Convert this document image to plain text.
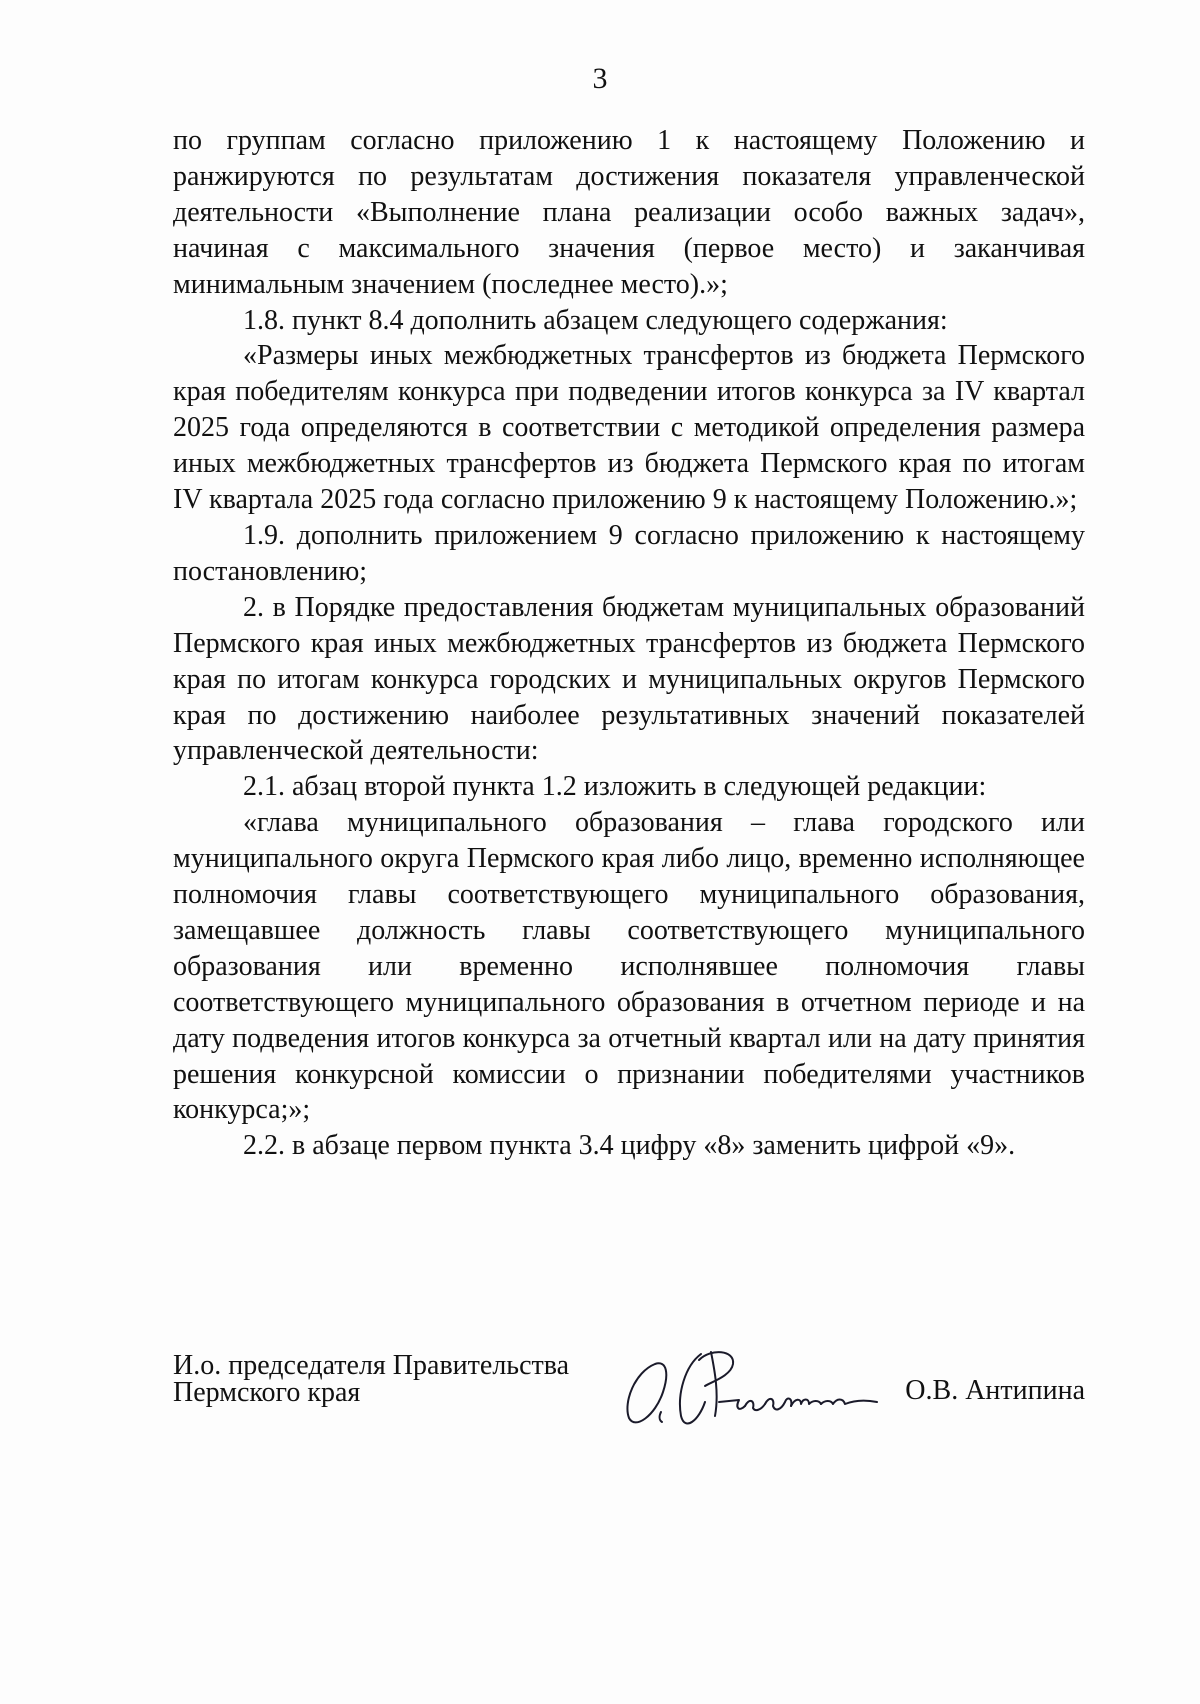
3

по группам согласно приложению 1 к настоящему Положению и ранжируются по результатам достижения показателя управленческой деятельности «Выполнение плана реализации особо важных задач», начиная с максимального значения (первое место) и заканчивая минимальным значением (последнее место).»;

1.8. пункт 8.4 дополнить абзацем следующего содержания:

«Размеры иных межбюджетных трансфертов из бюджета Пермского края победителям конкурса при подведении итогов конкурса за IV квартал 2025 года определяются в соответствии с методикой определения размера иных межбюджетных трансфертов из бюджета Пермского края по итогам IV квартала 2025 года согласно приложению 9 к настоящему Положению.»;

1.9. дополнить приложением 9 согласно приложению к настоящему постановлению;

2. в Порядке предоставления бюджетам муниципальных образований Пермского края иных межбюджетных трансфертов из бюджета Пермского края по итогам конкурса городских и муниципальных округов Пермского края по достижению наиболее результативных значений показателей управленческой деятельности:

2.1. абзац второй пункта 1.2 изложить в следующей редакции:

«глава муниципального образования – глава городского или муниципального округа Пермского края либо лицо, временно исполняющее полномочия главы соответствующего муниципального образования, замещавшее должность главы соответствующего муниципального образования или временно исполнявшее полномочия главы соответствующего муниципального образования в отчетном периоде и на дату подведения итогов конкурса за отчетный квартал или на дату принятия решения конкурсной комиссии о признании победителями участников конкурса;»;

2.2. в абзаце первом пункта 3.4 цифру «8» заменить цифрой «9».

И.о. председателя Правительства
Пермского края	О.В. Антипина
